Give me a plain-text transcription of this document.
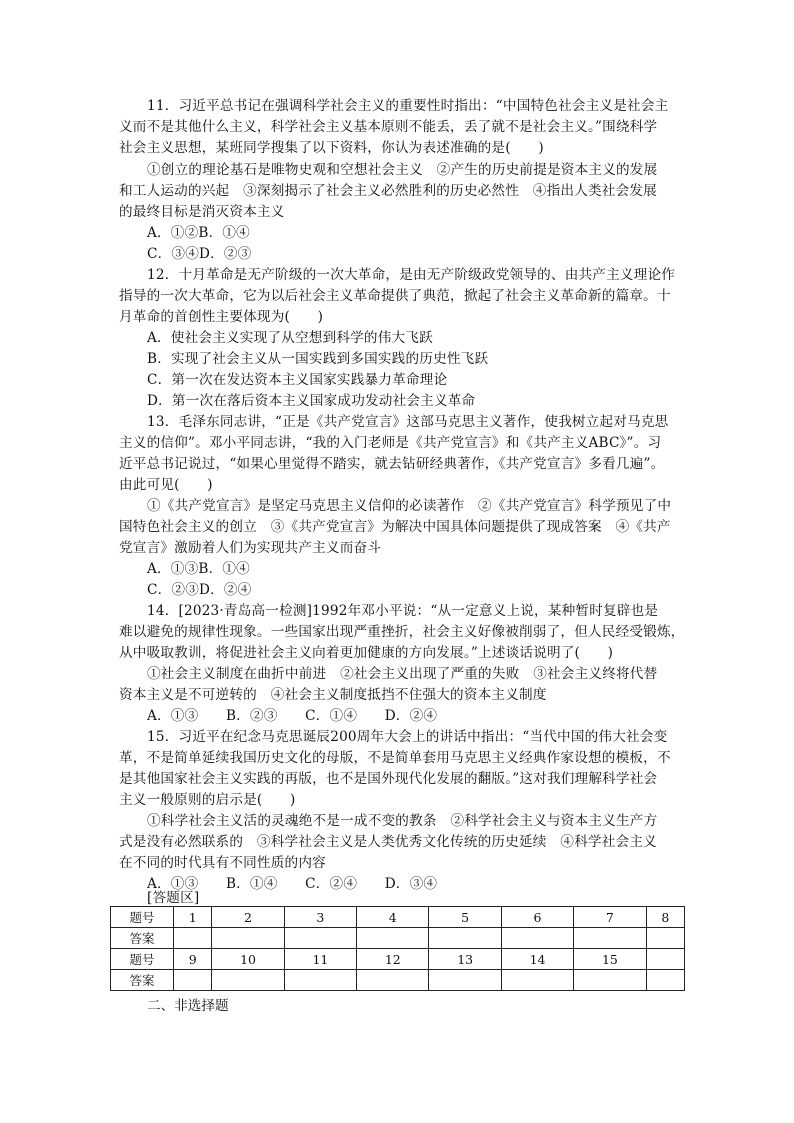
11．习近平总书记在强调科学社会主义的重要性时指出：“中国特色社会主义是社会主
义而不是其他什么主义，科学社会主义基本原则不能丢，丢了就不是社会主义。”围绕科学
社会主义思想，某班同学搜集了以下资料，你认为表述准确的是(　　)
①创立的理论基石是唯物史观和空想社会主义　②产生的历史前提是资本主义的发展
和工人运动的兴起　③深刻揭示了社会主义必然胜利的历史必然性　④指出人类社会发展
的最终目标是消灭资本主义
A．①②B．①④
C．③④D．②③
12．十月革命是无产阶级的一次大革命，是由无产阶级政党领导的、由共产主义理论作
指导的一次大革命，它为以后社会主义革命提供了典范，掀起了社会主义革命新的篇章。十
月革命的首创性主要体现为(　　)
A．使社会主义实现了从空想到科学的伟大飞跃
B．实现了社会主义从一国实践到多国实践的历史性飞跃
C．第一次在发达资本主义国家实践暴力革命理论
D．第一次在落后资本主义国家成功发动社会主义革命
13．毛泽东同志讲，“正是《共产党宣言》这部马克思主义著作，使我树立起对马克思
主义的信仰”。邓小平同志讲，“我的入门老师是《共产党宣言》和《共产主义ABC》”。习
近平总书记说过，“如果心里觉得不踏实，就去钻研经典著作，《共产党宣言》多看几遍”。
由此可见(　　)
①《共产党宣言》是坚定马克思主义信仰的必读著作　②《共产党宣言》科学预见了中
国特色社会主义的创立　③《共产党宣言》为解决中国具体问题提供了现成答案　④《共产
党宣言》激励着人们为实现共产主义而奋斗
A．①③B．①④
C．②③D．②④
14．[2023·青岛高一检测]1992年邓小平说：“从一定意义上说，某种暂时复辟也是
难以避免的规律性现象。一些国家出现严重挫折，社会主义好像被削弱了，但人民经受锻炼，
从中吸取教训，将促进社会主义向着更加健康的方向发展。”上述谈话说明了(　　)
①社会主义制度在曲折中前进　②社会主义出现了严重的失败　③社会主义终将代替
资本主义是不可逆转的　④社会主义制度抵挡不住强大的资本主义制度
A．①③　　B．②③　　C．①④　　D．②④
15．习近平在纪念马克思诞辰200周年大会上的讲话中指出：“当代中国的伟大社会变
革，不是简单延续我国历史文化的母版，不是简单套用马克思主义经典作家设想的模板，不
是其他国家社会主义实践的再版，也不是国外现代化发展的翻版。”这对我们理解科学社会
主义一般原则的启示是(　　)
①科学社会主义活的灵魂绝不是一成不变的教条　②科学社会主义与资本主义生产方
式是没有必然联系的　③科学社会主义是人类优秀文化传统的历史延续　④科学社会主义
在不同的时代具有不同性质的内容
A．①③　　B．①④　　C．②④　　D．③④
[答题区]
题号	1	2	3	4	5	6	7	8
答案								
题号	9	10	11	12	13	14	15	
答案								
二、非选择题
